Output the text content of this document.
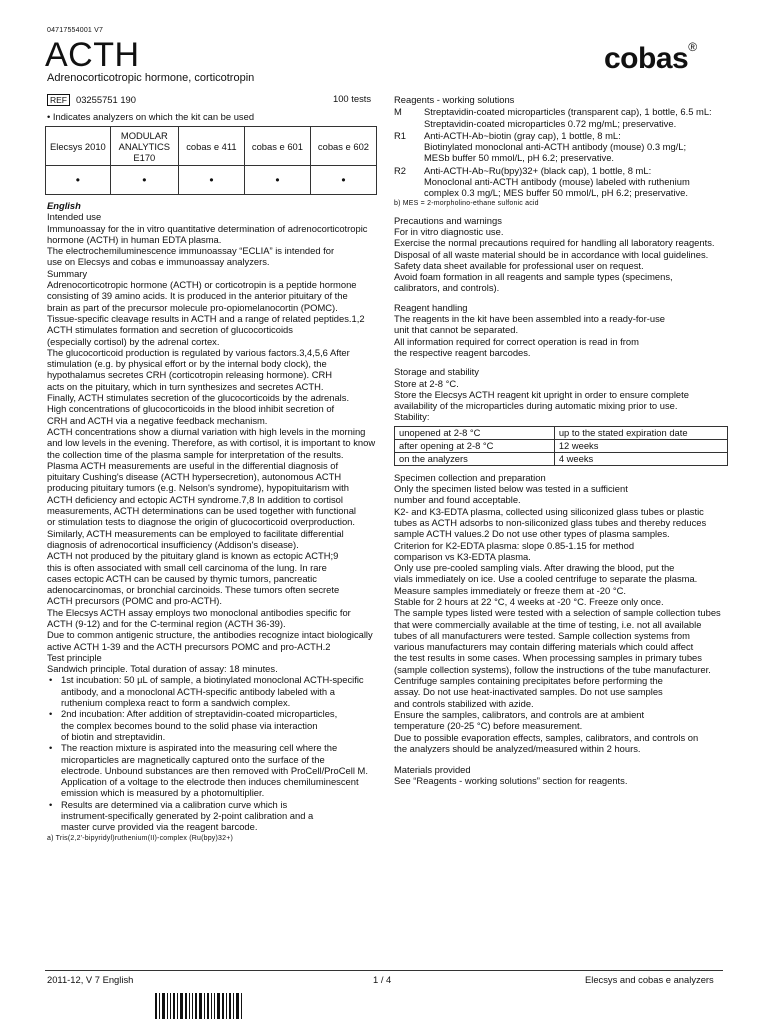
04717554001 V7
ACTH
Adrenocorticotropic hormone, corticotropin
cobas®
REF 03255751 190	100 tests
• Indicates analyzers on which the kit can be used
Elecsys 2010	MODULAR ANALYTICS E170	cobas e 411	cobas e 601	cobas e 602
•	•	•	•	•

English

Intended use

Immunoassay for the in vitro quantitative determination of adrenocorticotropic

hormone (ACTH) in human EDTA plasma.

The electrochemiluminescence immunoassay “ECLIA” is intended for

use on Elecsys and cobas e immunoassay analyzers.

Summary

Adrenocorticotropic hormone (ACTH) or corticotropin is a peptide hormone

consisting of 39 amino acids. It is produced in the anterior pituitary of the

brain as part of the precursor molecule pro-opiomelanocortin (POMC).

Tissue-specific cleavage results in ACTH and a range of related peptides.1,2

ACTH stimulates formation and secretion of glucocorticoids

(especially cortisol) by the adrenal cortex.

The glucocorticoid production is regulated by various factors.3,4,5,6 After

stimulation (e.g. by physical effort or by the internal body clock), the

hypothalamus secretes CRH (corticotropin releasing hormone). CRH

acts on the pituitary, which in turn synthesizes and secretes ACTH.

Finally, ACTH stimulates secretion of the glucocorticoids by the adrenals.

High concentrations of glucocorticoids in the blood inhibit secretion of

CRH and ACTH via a negative feedback mechanism.

ACTH concentrations show a diurnal variation with high levels in the morning

and low levels in the evening. Therefore, as with cortisol, it is important to know

the collection time of the plasma sample for interpretation of the results.

Plasma ACTH measurements are useful in the differential diagnosis of

pituitary Cushing's disease (ACTH hypersecretion), autonomous ACTH

producing pituitary tumors (e.g. Nelson's syndrome), hypopituitarism with

ACTH deficiency and ectopic ACTH syndrome.7,8 In addition to cortisol

measurements, ACTH determinations can be used together with functional

or stimulation tests to diagnose the origin of glucocorticoid overproduction.

Similarly, ACTH measurements can be employed to facilitate differential

diagnosis of adrenocortical insufficiency (Addison's disease).

ACTH not produced by the pituitary gland is known as ectopic ACTH;9

this is often associated with small cell carcinoma of the lung. In rare

cases ectopic ACTH can be caused by thymic tumors, pancreatic

adenocarcinomas, or bronchial carcinoids. These tumors often secrete

ACTH precursors (POMC and pro-ACTH).

The Elecsys ACTH assay employs two monoclonal antibodies specific for

ACTH (9-12) and for the C-terminal region (ACTH 36-39).

Due to common antigenic structure, the antibodies recognize intact biologically

active ACTH 1-39 and the ACTH precursors POMC and pro-ACTH.2

Test principle

Sandwich principle. Total duration of assay: 18 minutes.

• 1st incubation: 50 µL of sample, a biotinylated monoclonal ACTH-specific

antibody, and a monoclonal ACTH-specific antibody labeled with a

ruthenium complexa react to form a sandwich complex.

• 2nd incubation: After addition of streptavidin-coated microparticles,

the complex becomes bound to the solid phase via interaction

of biotin and streptavidin.

• The reaction mixture is aspirated into the measuring cell where the

microparticles are magnetically captured onto the surface of the

electrode. Unbound substances are then removed with ProCell/ProCell M.

Application of a voltage to the electrode then induces chemiluminescent

emission which is measured by a photomultiplier.

• Results are determined via a calibration curve which is

instrument-specifically generated by 2-point calibration and a

master curve provided via the reagent barcode.

a) Tris(2,2'-bipyridyl)ruthenium(II)-complex (Ru(bpy)32+)

Reagents - working solutions

M	Streptavidin-coated microparticles (transparent cap), 1 bottle, 6.5 mL:

Streptavidin-coated microparticles 0.72 mg/mL; preservative.

R1	Anti-ACTH-Ab~biotin (gray cap), 1 bottle, 8 mL:

Biotinylated monoclonal anti-ACTH antibody (mouse) 0.3 mg/L;

MESb buffer 50 mmol/L, pH 6.2; preservative.

R2	Anti-ACTH-Ab~Ru(bpy)32+ (black cap), 1 bottle, 8 mL:

Monoclonal anti-ACTH antibody (mouse) labeled with ruthenium

complex 0.3 mg/L; MES buffer 50 mmol/L, pH 6.2; preservative.

b) MES = 2-morpholino-ethane sulfonic acid

Precautions and warnings

For in vitro diagnostic use.

Exercise the normal precautions required for handling all laboratory reagents.

Disposal of all waste material should be in accordance with local guidelines.

Safety data sheet available for professional user on request.

Avoid foam formation in all reagents and sample types (specimens,

calibrators, and controls).

Reagent handling

The reagents in the kit have been assembled into a ready-for-use

unit that cannot be separated.

All information required for correct operation is read in from

the respective reagent barcodes.

Storage and stability

Store at 2-8 °C.

Store the Elecsys ACTH reagent kit upright in order to ensure complete

availability of the microparticles during automatic mixing prior to use.

Stability:

unopened at 2-8 °C	up to the stated expiration date
after opening at 2-8 °C	12 weeks
on the analyzers	4 weeks

Specimen collection and preparation

Only the specimen listed below was tested in a sufficient

number and found acceptable.

K2- and K3-EDTA plasma, collected using siliconized glass tubes or plastic

tubes as ACTH adsorbs to non-siliconized glass tubes and thereby reduces

sample ACTH values.2 Do not use other types of plasma samples.

Criterion for K2-EDTA plasma: slope 0.85-1.15 for method

comparison vs K3-EDTA plasma.

Only use pre-cooled sampling vials. After drawing the blood, put the

vials immediately on ice. Use a cooled centrifuge to separate the plasma.

Measure samples immediately or freeze them at -20 °C.

Stable for 2 hours at 22 °C, 4 weeks at -20 °C. Freeze only once.

The sample types listed were tested with a selection of sample collection tubes

that were commercially available at the time of testing, i.e. not all available

tubes of all manufacturers were tested. Sample collection systems from

various manufacturers may contain differing materials which could affect

the test results in some cases. When processing samples in primary tubes

(sample collection systems), follow the instructions of the tube manufacturer.

Centrifuge samples containing precipitates before performing the

assay. Do not use heat-inactivated samples. Do not use samples

and controls stabilized with azide.

Ensure the samples, calibrators, and controls are at ambient

temperature (20-25 °C) before measurement.

Due to possible evaporation effects, samples, calibrators, and controls on

the analyzers should be analyzed/measured within 2 hours.

Materials provided

See “Reagents - working solutions” section for reagents.

2011-12, V 7 English	1 / 4	Elecsys and cobas e analyzers
